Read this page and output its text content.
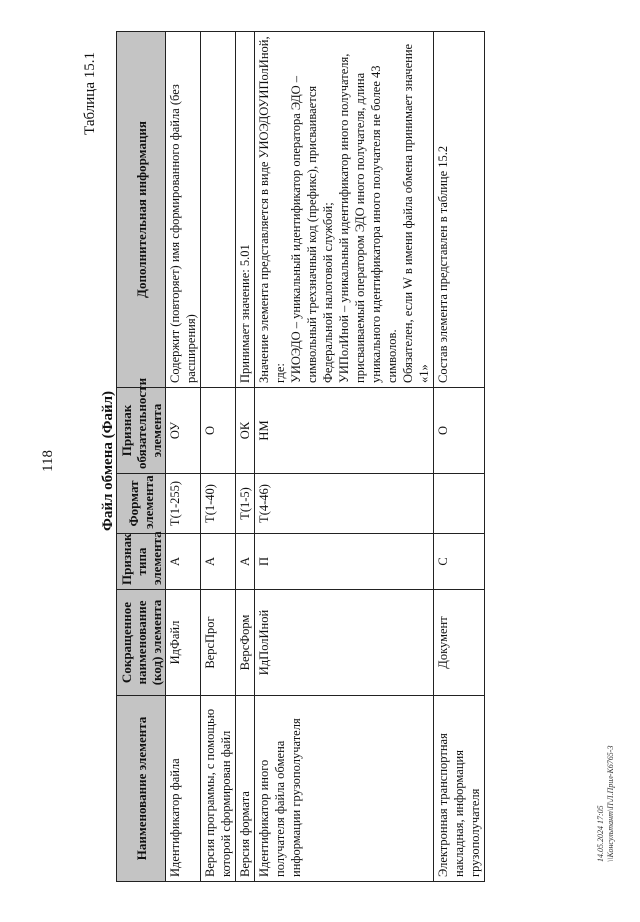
118
Таблица 15.1
Файл обмена (Файл)
Наименование элемента	Сокращенное наименование (код) элемента	Признак типа элемента	Формат элемента	Признак обязательности элемента	Дополнительная информация
Идентификатор файла	ИдФайл	А	Т(1-255)	ОУ	Содержит (повторяет) имя сформированного файла (без расширения)

Версия программы, с помощью которой сформирован файл	ВерсПрог	А	Т(1-40)	О	

Версия формата	ВерсФорм	А	Т(1-5)	ОК	Принимает значение: 5.01

Идентификатор иного получателя файла обмена информации грузополучателя	ИдПолИной	П	Т(4-46)	НМ	Значение элемента представляется в виде УИОЭДОУИПолИной, где: УИОЭДО – уникальный идентификатор оператора ЭДО – символьный трехзначный код (префикс), присваивается Федеральной налоговой службой; УИПолИной – уникальный идентификатор иного получателя, присваиваемый оператором ЭДО иного получателя, длина уникального идентификатора иного получателя не более 43 символов. Обязателен, если W в имени файла обмена принимает значение «1»

Электронная транспортная накладная, информация грузополучателя	Документ	С		О	Состав элемента представлен в таблице 15.2
14.05.2024 17:05 \\Консультант\П\Л.Прил-К6765-3
